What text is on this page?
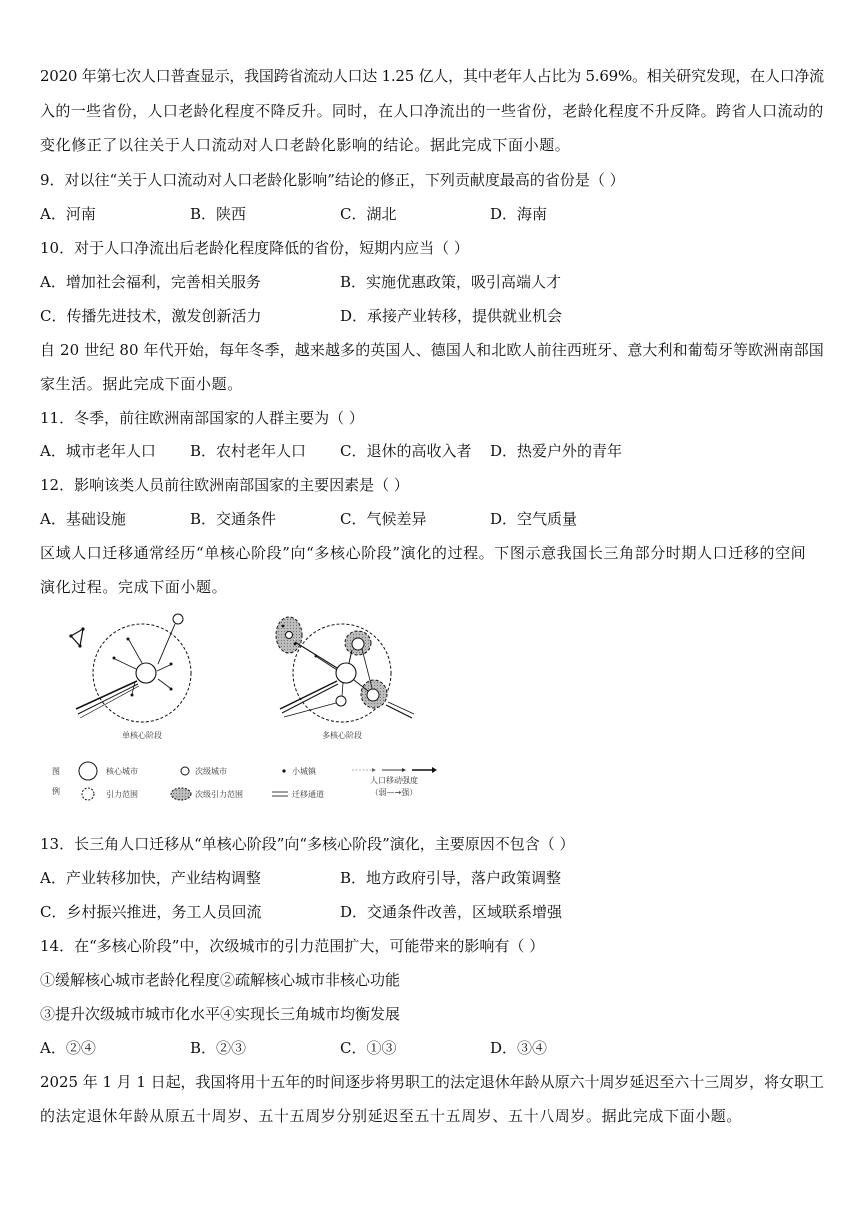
2020 年第七次人口普查显示，我国跨省流动人口达 1.25 亿人，其中老年人占比为 5.69%。相关研究发现，在人口净流
入的一些省份，人口老龄化程度不降反升。同时，在人口净流出的一些省份，老龄化程度不升反降。跨省人口流动的
变化修正了以往关于人口流动对人口老龄化影响的结论。据此完成下面小题。
9．对以往“关于人口流动对人口老龄化影响”结论的修正，下列贡献度最高的省份是（ ）
A．河南	B．陕西	C．湖北	D．海南
10．对于人口净流出后老龄化程度降低的省份，短期内应当（ ）
A．增加社会福利，完善相关服务	B．实施优惠政策，吸引高端人才
C．传播先进技术，激发创新活力	D．承接产业转移，提供就业机会
自 20 世纪 80 年代开始，每年冬季，越来越多的英国人、德国人和北欧人前往西班牙、意大利和葡萄牙等欧洲南部国
家生活。据此完成下面小题。
11．冬季，前往欧洲南部国家的人群主要为（ ）
A．城市老年人口 B．农村老年人口 C．退休的高收入者 D．热爱户外的青年
12．影响该类人员前往欧洲南部国家的主要因素是（ ）
A．基础设施	B．交通条件	C．气候差异	D．空气质量
区域人口迁移通常经历“单核心阶段”向“多核心阶段”演化的过程。下图示意我国长三角部分时期人口迁移的空间
演化过程。完成下面小题。
单核心阶段	多核心阶段
图
例
核心城市	次级城市	小城镇
人口移动强度
（弱—→强）
引力范围	次级引力范围	迁移通道
13．长三角人口迁移从“单核心阶段”向“多核心阶段”演化，主要原因不包含（ ）
A．产业转移加快，产业结构调整	B．地方政府引导，落户政策调整
C．乡村振兴推进，务工人员回流	D．交通条件改善，区域联系增强
14．在“多核心阶段”中，次级城市的引力范围扩大，可能带来的影响有（ ）
①缓解核心城市老龄化程度②疏解核心城市非核心功能
③提升次级城市城市化水平④实现长三角城市均衡发展
A．②④	B．②③	C．①③	D．③④
2025 年 1 月 1 日起，我国将用十五年的时间逐步将男职工的法定退休年龄从原六十周岁延迟至六十三周岁，将女职工
的法定退休年龄从原五十周岁、五十五周岁分别延迟至五十五周岁、五十八周岁。据此完成下面小题。
